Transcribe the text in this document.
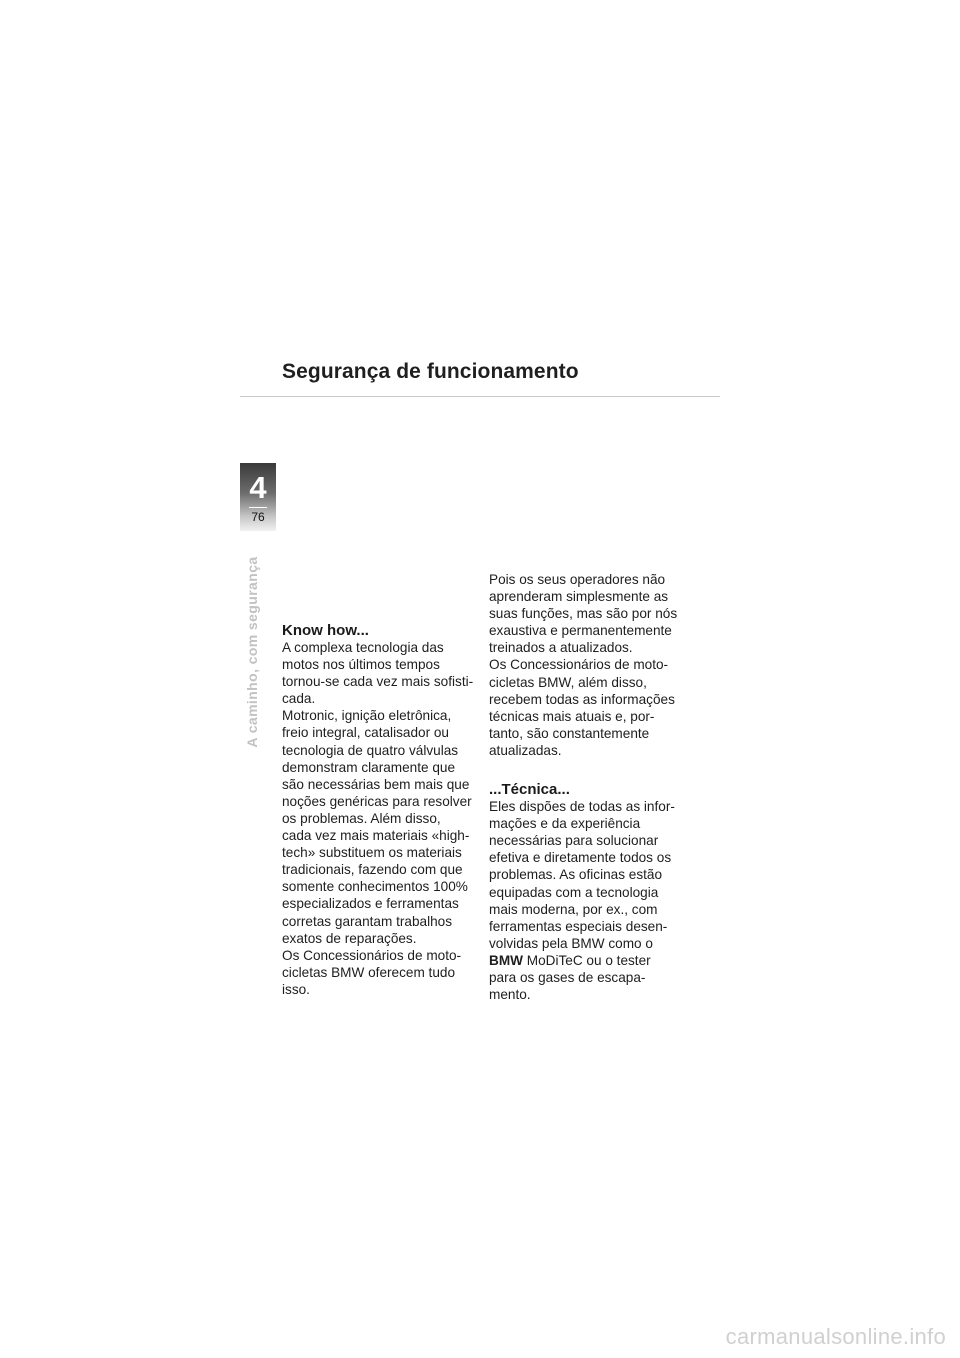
Segurança de funcionamento
4
76
A caminho, com segurança Know how...

A complexa tecnologia das

motos nos últimos tempos

tornou-se cada vez mais sofisti-

cada.

Motronic, ignição eletrônica,

freio integral, catalisador ou

tecnologia de quatro válvulas

demonstram claramente que

são necessárias bem mais que

noções genéricas para resolver

os problemas. Além disso,

cada vez mais materiais «high-

tech» substituem os materiais

tradicionais, fazendo com que

somente conhecimentos 100%

especializados e ferramentas

corretas garantam trabalhos

exatos de reparações.

Os Concessionários de moto-

cicletas BMW oferecem tudo

isso.

Pois os seus operadores não

aprenderam simplesmente as

suas funções, mas são por nós

exaustiva e permanentemente

treinados a atualizados.

Os Concessionários de moto-

cicletas BMW, além disso,

recebem todas as informações

técnicas mais atuais e, por-

tanto, são constantemente

atualizadas.

...Técnica...

Eles dispões de todas as infor-

mações e da experiência

necessárias para solucionar

efetiva e diretamente todos os

problemas. As oficinas estão

equipadas com a tecnologia

mais moderna, por ex., com

ferramentas especiais desen-

volvidas pela BMW como o

BMW MoDiTeC ou o tester

para os gases de escapa-

mento.

carmanualsonline.info
